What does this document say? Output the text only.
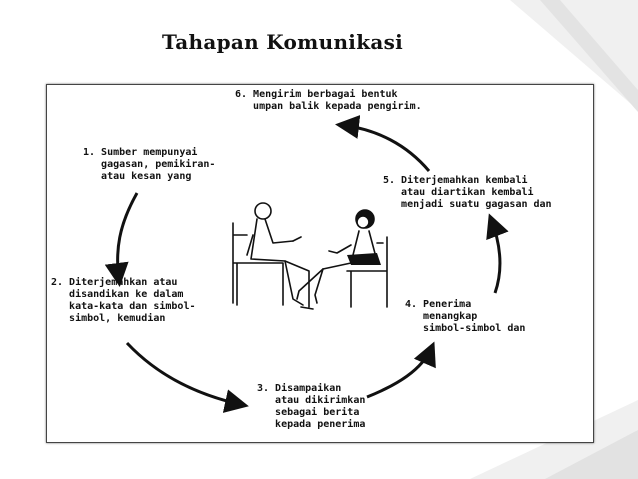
Tahapan Komunikasi

1. Sumber mempunyai
gagasan, pemikiran-
atau kesan yang

2. Diterjemahkan atau
disandikan ke dalam
kata-kata dan simbol-
simbol, kemudian

3. Disampaikan
atau dikirimkan
sebagai berita
kepada penerima

4. Penerima
menangkap
simbol-simbol dan

5. Diterjemahkan kembali
atau diartikan kembali
menjadi suatu gagasan dan

6. Mengirim berbagai bentuk
umpan balik kepada pengirim.
